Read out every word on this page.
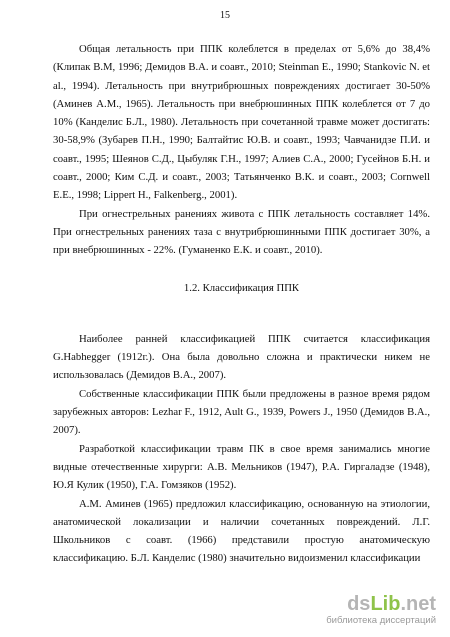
15

Общая летальность при ППК колеблется в пределах от 5,6% до 38,4% (Клипак В.М, 1996; Демидов В.А. и соавт., 2010; Steinman E., 1990; Stankovic N. et al., 1994). Летальность при внутрибрюшных повреждениях достигает 30-50% (Аминев А.М., 1965). Летальность при внебрюшинных ППК колеблется от 7 до 10% (Канделис Б.Л., 1980). Летальность при сочетанной травме может достигать: 30-58,9% (Зубарев П.Н., 1990; Балтайтис Ю.В. и соавт., 1993; Чавчанидзе П.И. и соавт., 1995; Шеянов С.Д., Цыбуляк Г.Н., 1997; Алиев С.А., 2000; Гусейнов Б.Н. и соавт., 2000; Ким С.Д. и соавт., 2003; Татьянченко В.К. и соавт., 2003; Cornwell E.E., 1998; Lippert H., Falkenberg., 2001).

При огнестрельных ранениях живота с ППК летальность составляет 14%. При огнестрельных ранениях таза с внутрибрюшинными ППК достигает 30%, а при внебрюшинных - 22%. (Гуманенко Е.К. и соавт., 2010).

1.2. Классификация ППК

Наиболее ранней классификацией ППК считается классификация G.Habhegger (1912г.). Она была довольно сложна и практически никем не использовалась (Демидов В.А., 2007).

Собственные классификации ППК были предложены в разное время рядом зарубежных авторов: Lezhar F., 1912, Ault G., 1939, Powers J., 1950 (Демидов В.А., 2007).

Разработкой классификации травм ПК в свое время занимались многие видные отечественные хирурги: А.В. Мельников (1947), Р.А. Гиргаладзе (1948), Ю.Я Кулик (1950), Г.А. Гомзяков (1952).

А.М. Аминев (1965) предложил классификацию, основанную на этиологии, анатомической локализации и наличии сочетанных повреждений. Л.Г. Школьников с соавт. (1966) представили простую анатомическую классификацию. Б.Л. Канделис (1980) значительно видоизменил классификации

dsLib.net
библиотека диссертаций
